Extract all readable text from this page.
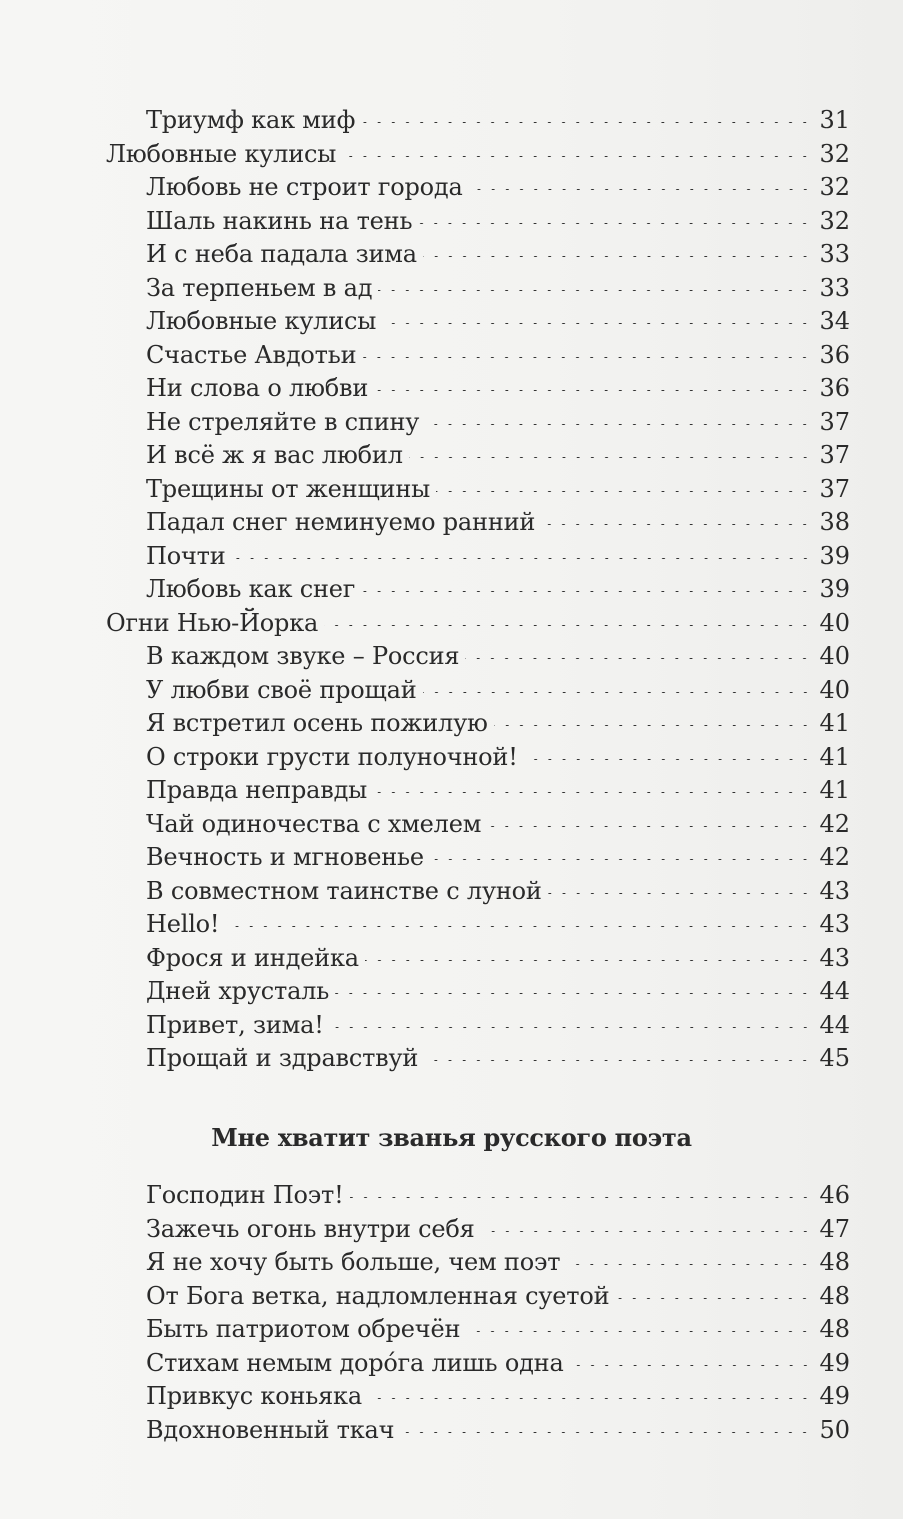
Триумф как миф	31
Любовные кулисы	32
Любовь не строит города	32
Шаль накинь на тень	32
И с неба падала зима	33
За терпеньем в ад	33
Любовные кулисы	34
Счастье Авдотьи	36
Ни слова о любви	36
Не стреляйте в спину	37
И всё ж я вас любил	37
Трещины от женщины	37
Падал снег неминуемо ранний	38
Почти	39
Любовь как снег	39
Огни Нью-Йорка	40
В каждом звуке – Россия	40
У любви своё прощай	40
Я встретил осень пожилую	41
О строки грусти полуночной!	41
Правда неправды	41
Чай одиночества с хмелем	42
Вечность и мгновенье	42
В совместном таинстве с луной	43
Hello!	43
Фрося и индейка	43
Дней хрусталь	44
Привет, зима!	44
Прощай и здравствуй	45
Мне хватит званья русского поэта
Господин Поэт!	46
Зажечь огонь внутри себя	47
Я не хочу быть больше, чем поэт	48
От Бога ветка, надломленная суетой	48
Быть патриотом обречён	48
Стихам немым доро́га лишь одна	49
Привкус коньяка	49
Вдохновенный ткач	50
